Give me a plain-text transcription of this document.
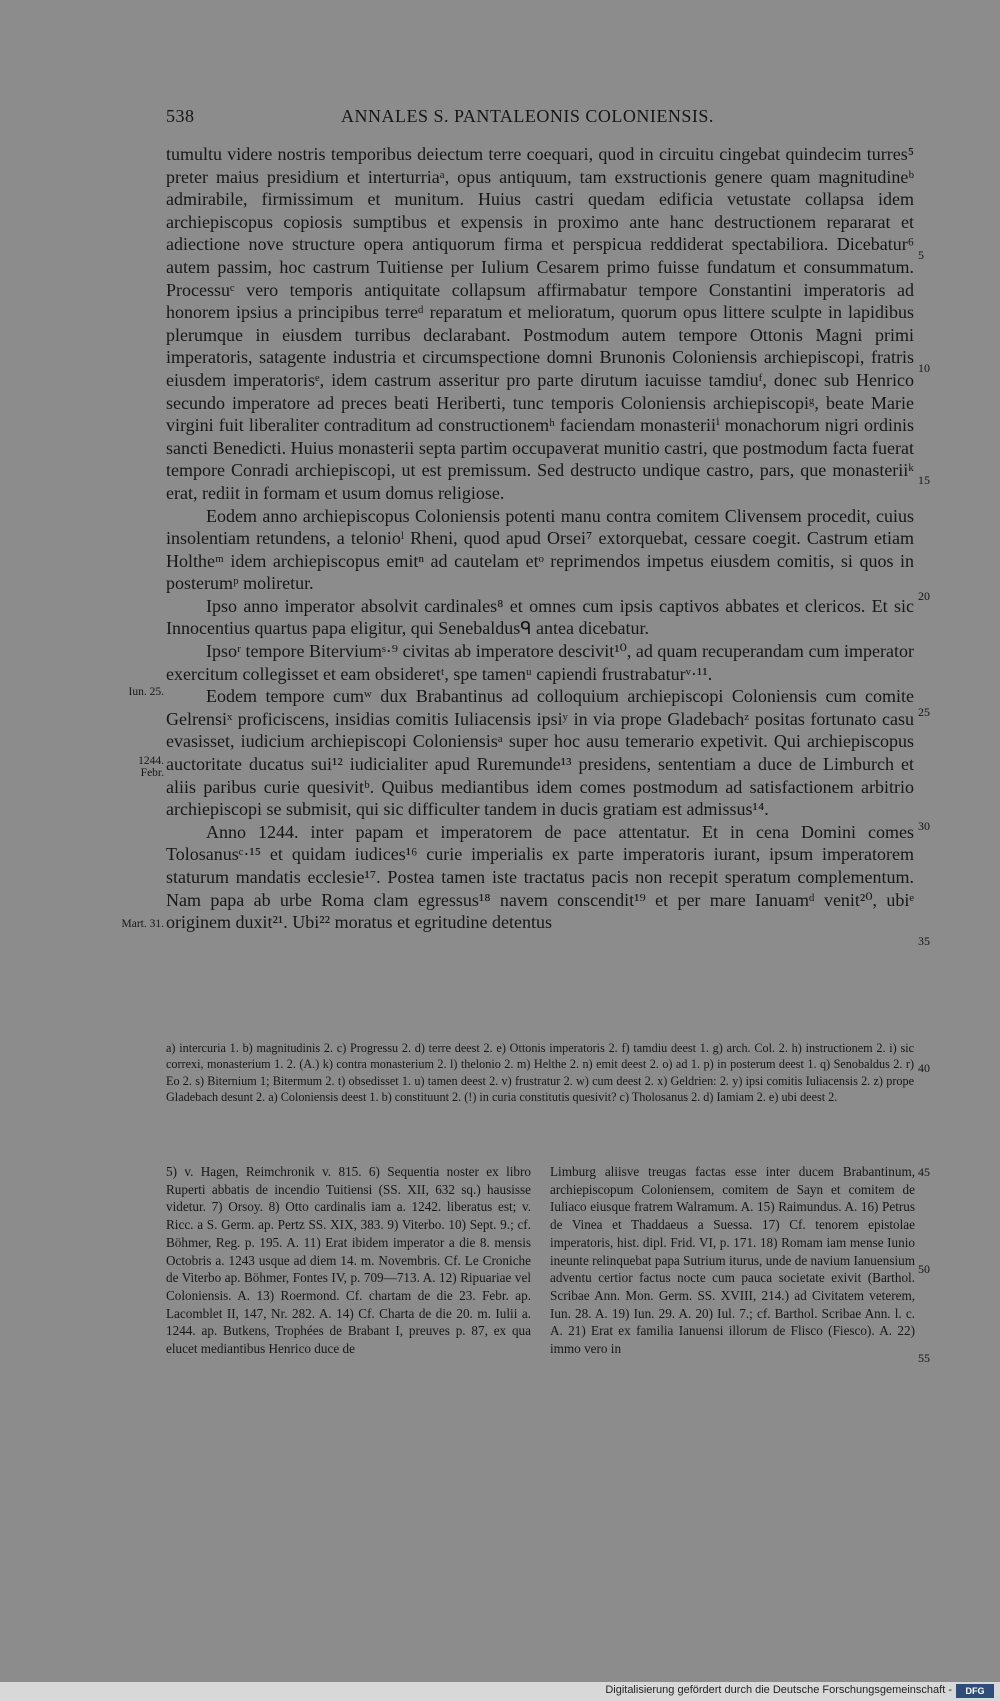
538	ANNALES S. PANTALEONIS COLONIENSIS.

tumultu videre nostris temporibus deiectum terre coequari, quod in circuitu cingebat quindecim turres⁵ preter maius presidium et interturriaᵃ, opus antiquum, tam exstructionis genere quam magnitudineᵇ admirabile, firmissimum et munitum. Huius castri quedam edificia vetustate collapsa idem archiepiscopus copiosis sumptibus et expensis in proximo ante hanc destructionem repararat et adiectione nove structure opera antiquorum firma et perspicua reddiderat spectabiliora. Dicebatur⁶ autem passim, hoc castrum Tuitiense per Iulium Cesarem primo fuisse fundatum et consummatum. Processuᶜ vero temporis antiquitate collapsum affirmabatur tempore Constantini imperatoris ad honorem ipsius a principibus terreᵈ reparatum et melioratum, quorum opus littere sculpte in lapidibus plerumque in eiusdem turribus declarabant. Postmodum autem tempore Ottonis Magni primi imperatoris, satagente industria et circumspectione domni Brunonis Coloniensis archiepiscopi, fratris eiusdem imperatorisᵉ, idem castrum asseritur pro parte dirutum iacuisse tamdiuᶠ, donec sub Henrico secundo imperatore ad preces beati Heriberti, tunc temporis Coloniensis archiepiscopiᵍ, beate Marie virgini fuit liberaliter contraditum ad constructionemʰ faciendam monasteriiⁱ monachorum nigri ordinis sancti Benedicti. Huius monasterii septa partim occupaverat munitio castri, que postmodum facta fuerat tempore Conradi archiepiscopi, ut est premissum. Sed destructo undique castro, pars, que monasteriiᵏ erat, rediit in formam et usum domus religiose.

Eodem anno archiepiscopus Coloniensis potenti manu contra comitem Clivensem procedit, cuius insolentiam retundens, a telonioˡ Rheni, quod apud Orsei⁷ extorquebat, cessare coegit. Castrum etiam Holtheᵐ idem archiepiscopus emitⁿ ad cautelam etᵒ reprimendos impetus eiusdem comitis, si quos in posterumᵖ moliretur.

Ipso anno imperator absolvit cardinales⁸ et omnes cum ipsis captivos abbates et clericos. Et sic Innocentius quartus papa eligitur, qui Senebaldusᑫ antea dicebatur.

Ipsoʳ tempore Biterviumˢ·⁹ civitas ab imperatore descivit¹⁰, ad quam recuperandam cum imperator exercitum collegisset et eam obsideretᵗ, spe tamenᵘ capiendi frustrabaturᵛ·¹¹.

Eodem tempore cumʷ dux Brabantinus ad colloquium archiepiscopi Coloniensis cum comite Gelrensiˣ proficiscens, insidias comitis Iuliacensis ipsiʸ in via prope Gladebachᶻ positas fortunato casu evasisset, iudicium archiepiscopi Coloniensisᵃ super hoc ausu temerario expetivit. Qui archiepiscopus auctoritate ducatus sui¹² iudicialiter apud Ruremunde¹³ presidens, sententiam a duce de Limburch et aliis paribus curie quesivitᵇ. Quibus mediantibus idem comes postmodum ad satisfactionem arbitrio archiepiscopi se submisit, qui sic difficulter tandem in ducis gratiam est admissus¹⁴.

Anno 1244. inter papam et imperatorem de pace attentatur. Et in cena Domini comes Tolosanusᶜ·¹⁵ et quidam iudices¹⁶ curie imperialis ex parte imperatoris iurant, ipsum imperatorem staturum mandatis ecclesie¹⁷. Postea tamen iste tractatus pacis non recepit speratum complementum. Nam papa ab urbe Roma clam egressus¹⁸ navem conscendit¹⁹ et per mare Ianuamᵈ venit²⁰, ubiᵉ originem duxit²¹. Ubi²² moratus et egritudine detentus

5
10
15
20
25
30
35
40
45
50
55
Iun. 25.
1244.
Febr.
Mart. 31.
a) intercuria 1. b) magnitudinis 2. c) Progressu 2. d) terre deest 2. e) Ottonis imperatoris 2. f) tamdiu deest 1. g) arch. Col. 2. h) instructionem 2. i) sic correxi, monasterium 1. 2. (A.) k) contra monasterium 2. l) thelonio 2. m) Helthe 2. n) emit deest 2. o) ad 1. p) in posterum deest 1. q) Senobaldus 2. r) Eo 2. s) Biternium 1; Bitermum 2. t) obsedisset 1. u) tamen deest 2. v) frustratur 2. w) cum deest 2. x) Geldrien: 2. y) ipsi comitis Iuliacensis 2. z) prope Gladebach desunt 2. a) Coloniensis deest 1. b) constituunt 2. (!) in curia constitutis quesivit? c) Tholosanus 2. d) Iamiam 2. e) ubi deest 2.
5) v. Hagen, Reimchronik v. 815. 6) Sequentia noster ex libro Ruperti abbatis de incendio Tuitiensi (SS. XII, 632 sq.) hausisse videtur. 7) Orsoy. 8) Otto cardinalis iam a. 1242. liberatus est; v. Ricc. a S. Germ. ap. Pertz SS. XIX, 383. 9) Viterbo. 10) Sept. 9.; cf. Böhmer, Reg. p. 195. A. 11) Erat ibidem imperator a die 8. mensis Octobris a. 1243 usque ad diem 14. m. Novembris. Cf. Le Croniche de Viterbo ap. Böhmer, Fontes IV, p. 709—713. A. 12) Ripuariae vel Coloniensis. A. 13) Roermond. Cf. chartam de die 23. Febr. ap. Lacomblet II, 147, Nr. 282. A. 14) Cf. Charta de die 20. m. Iulii a. 1244. ap. Butkens, Trophées de Brabant I, preuves p. 87, ex qua elucet mediantibus Henrico duce de
Limburg aliisve treugas factas esse inter ducem Brabantinum, archiepiscopum Coloniensem, comitem de Sayn et comitem de Iuliaco eiusque fratrem Walramum. A. 15) Raimundus. A. 16) Petrus de Vinea et Thaddaeus a Suessa. 17) Cf. tenorem epistolae imperatoris, hist. dipl. Frid. VI, p. 171. 18) Romam iam mense Iunio ineunte relinquebat papa Sutrium iturus, unde de navium Ianuensium adventu certior factus nocte cum pauca societate exivit (Barthol. Scribae Ann. Mon. Germ. SS. XVIII, 214.) ad Civitatem veterem, Iun. 28. A. 19) Iun. 29. A. 20) Iul. 7.; cf. Barthol. Scribae Ann. l. c. A. 21) Erat ex familia Ianuensi illorum de Flisco (Fiesco). A. 22) immo vero in
Digitalisierung gefördert durch die Deutsche Forschungsgemeinschaft -	DFG
